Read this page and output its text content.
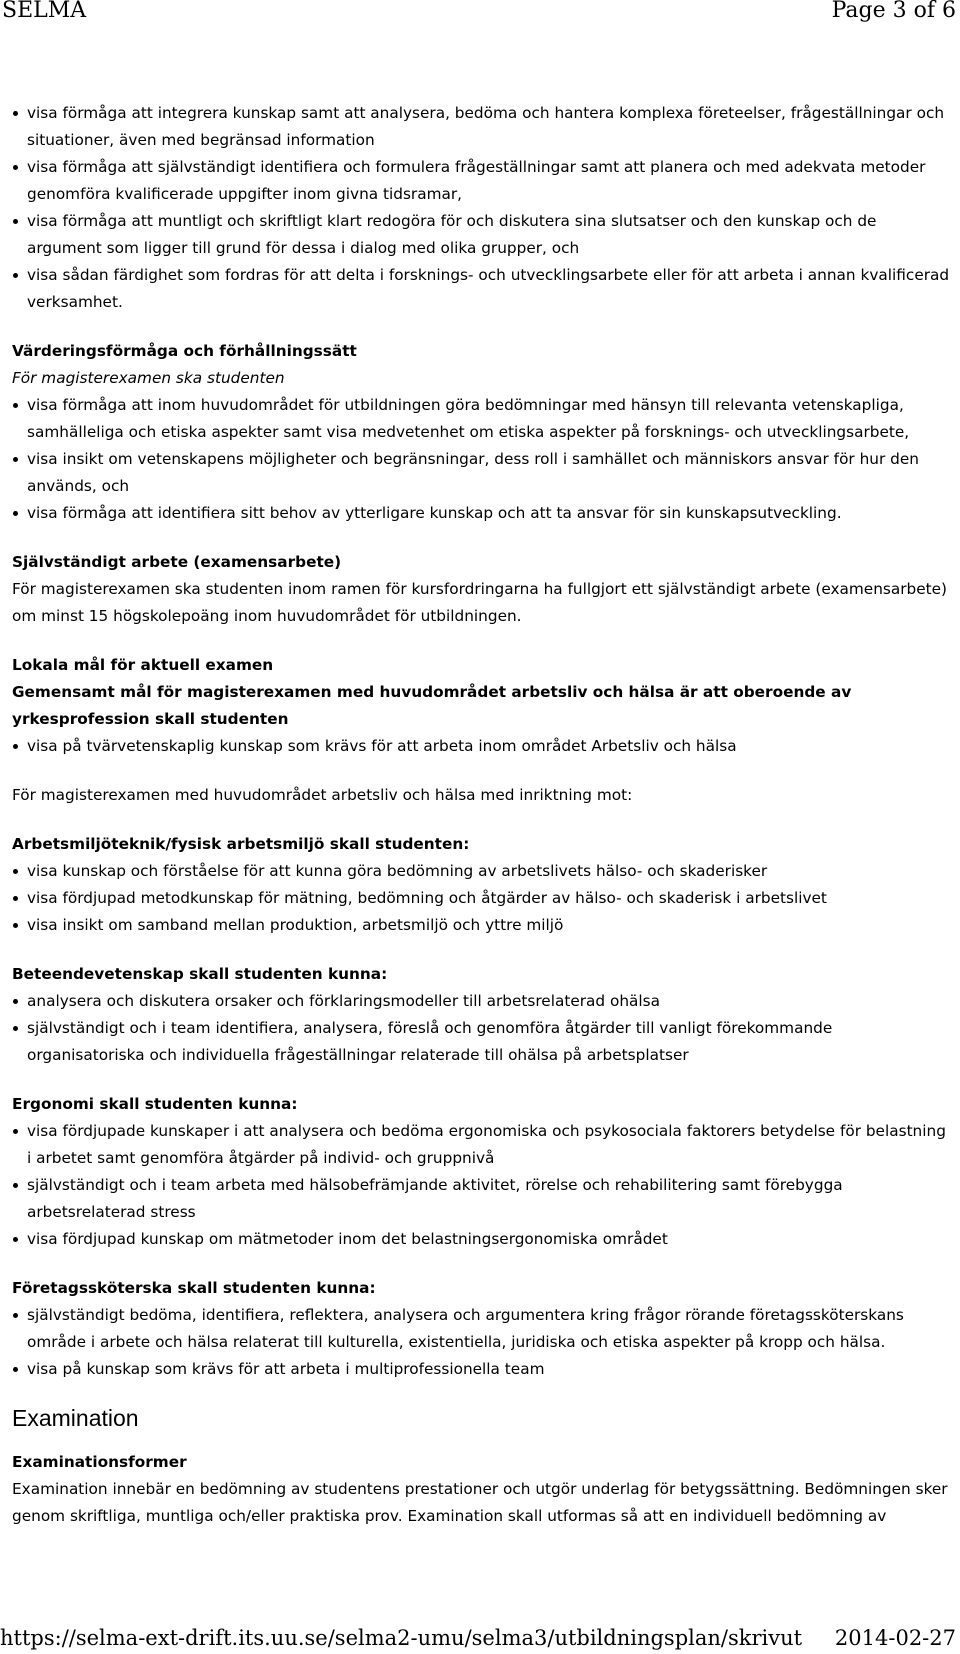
SELMA	Page 3 of 6
visa förmåga att integrera kunskap samt att analysera, bedöma och hantera komplexa företeelser, frågeställningar och situationer, även med begränsad information
visa förmåga att självständigt identifiera och formulera frågeställningar samt att planera och med adekvata metoder genomföra kvalificerade uppgifter inom givna tidsramar,
visa förmåga att muntligt och skriftligt klart redogöra för och diskutera sina slutsatser och den kunskap och de argument som ligger till grund för dessa i dialog med olika grupper, och
visa sådan färdighet som fordras för att delta i forsknings- och utvecklingsarbete eller för att arbeta i annan kvalificerad verksamhet.

Värderingsförmåga och förhållningssätt

För magisterexamen ska studenten

visa förmåga att inom huvudområdet för utbildningen göra bedömningar med hänsyn till relevanta vetenskapliga, samhälleliga och etiska aspekter samt visa medvetenhet om etiska aspekter på forsknings- och utvecklingsarbete,
visa insikt om vetenskapens möjligheter och begränsningar, dess roll i samhället och människors ansvar för hur den används, och
visa förmåga att identifiera sitt behov av ytterligare kunskap och att ta ansvar för sin kunskapsutveckling.

Självständigt arbete (examensarbete)

För magisterexamen ska studenten inom ramen för kursfordringarna ha fullgjort ett självständigt arbete (examensarbete) om minst 15 högskolepoäng inom huvudområdet för utbildningen.

Lokala mål för aktuell examen

Gemensamt mål för magisterexamen med huvudområdet arbetsliv och hälsa är att oberoende av yrkesprofession skall studenten

visa på tvärvetenskaplig kunskap som krävs för att arbeta inom området Arbetsliv och hälsa

För magisterexamen med huvudområdet arbetsliv och hälsa med inriktning mot:

Arbetsmiljöteknik/fysisk arbetsmiljö skall studenten:

visa kunskap och förståelse för att kunna göra bedömning av arbetslivets hälso- och skaderisker
visa fördjupad metodkunskap för mätning, bedömning och åtgärder av hälso- och skaderisk i arbetslivet
visa insikt om samband mellan produktion, arbetsmiljö och yttre miljö

Beteendevetenskap skall studenten kunna:

analysera och diskutera orsaker och förklaringsmodeller till arbetsrelaterad ohälsa
självständigt och i team identifiera, analysera, föreslå och genomföra åtgärder till vanligt förekommande organisatoriska och individuella frågeställningar relaterade till ohälsa på arbetsplatser

Ergonomi skall studenten kunna:

visa fördjupade kunskaper i att analysera och bedöma ergonomiska och psykosociala faktorers betydelse för belastning i arbetet samt genomföra åtgärder på individ- och gruppnivå
självständigt och i team arbeta med hälsobefrämjande aktivitet, rörelse och rehabilitering samt förebygga arbetsrelaterad stress
visa fördjupad kunskap om mätmetoder inom det belastningsergonomiska området

Företagssköterska skall studenten kunna:

självständigt bedöma, identifiera, reflektera, analysera och argumentera kring frågor rörande företagssköterskans område i arbete och hälsa relaterat till kulturella, existentiella, juridiska och etiska aspekter på kropp och hälsa.
visa på kunskap som krävs för att arbeta i multiprofessionella team
Examination

Examinationsformer

Examination innebär en bedömning av studentens prestationer och utgör underlag för betygssättning. Bedömningen sker genom skriftliga, muntliga och/eller praktiska prov. Examination skall utformas så att en individuell bedömning av

https://selma-ext-drift.its.uu.se/selma2-umu/selma3/utbildningsplan/skrivut 2014-02-27
